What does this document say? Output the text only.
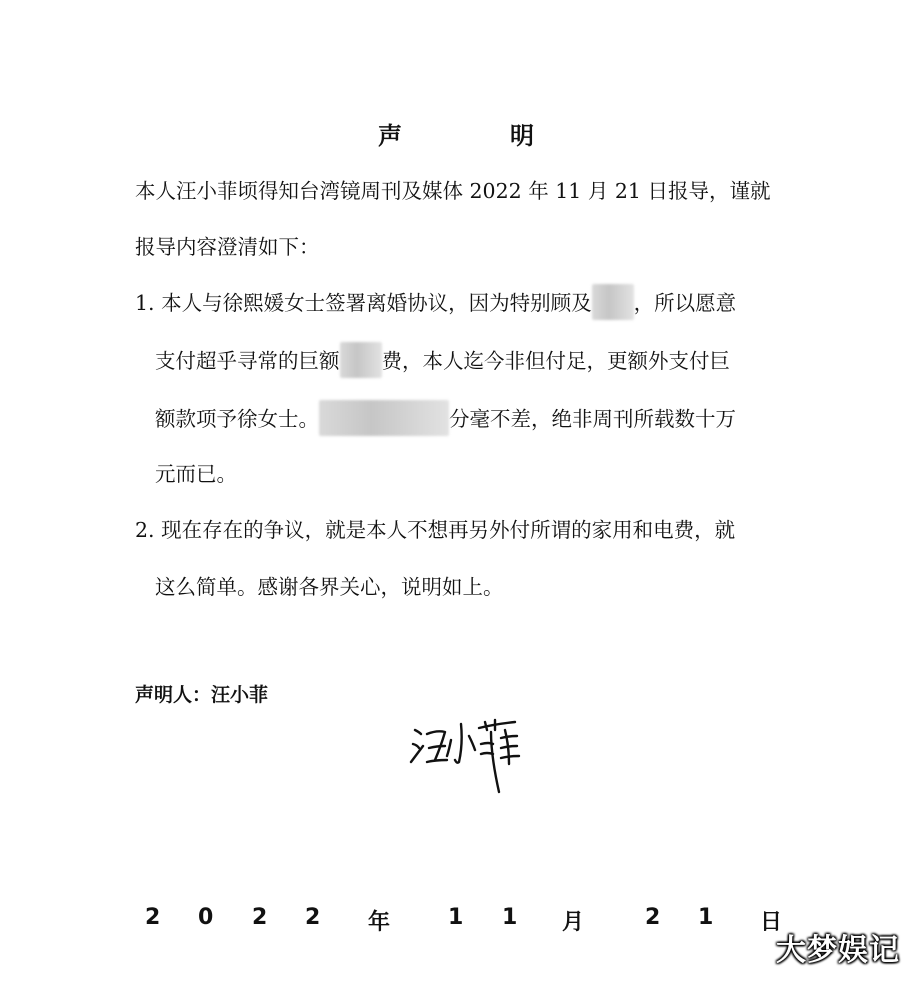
声　明
本人汪小菲顷得知台湾镜周刊及媒体 2022 年 11 月 21 日报导，谨就
报导内容澄清如下：
1. 本人与徐熙媛女士签署离婚协议，因为特别顾及 ，所以愿意
支付超乎寻常的巨额 费，本人迄今非但付足，更额外支付巨
额款项予徐女士。	分毫不差，绝非周刊所载数十万
元而已。
2. 现在存在的争议，就是本人不想再另外付所谓的家用和电费，就
这么简单。感谢各界关心，说明如上。
声明人：汪小菲
2 0 2 2 年	1 1 月	2 1 日
大梦娱记
